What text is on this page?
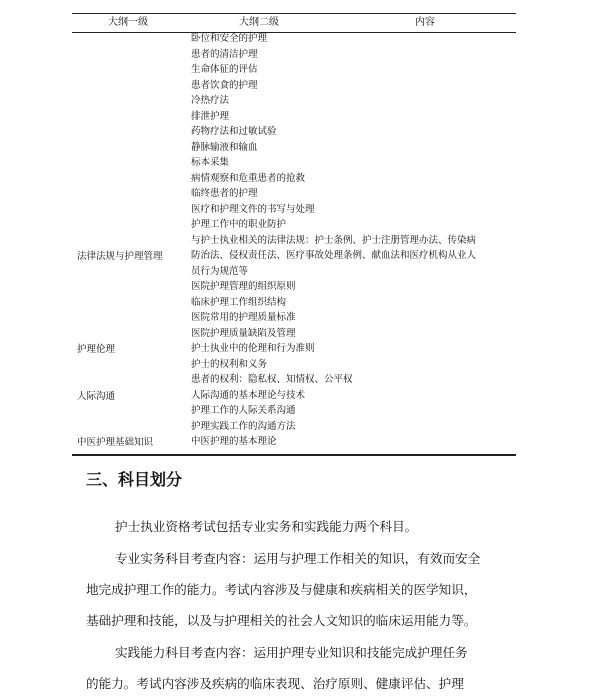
大纲一级	大纲二级	内容
卧位和安全的护理
患者的清洁护理
生命体征的评估
患者饮食的护理
冷热疗法
排泄护理
药物疗法和过敏试验
静脉输液和输血
标本采集
病情观察和危重患者的抢救
临终患者的护理
医疗和护理文件的书写与处理
护理工作中的职业防护
与护士执业相关的法律法规：护士条例、护士注册管理办法、传染病
防治法、侵权责任法、医疗事故处理条例、献血法和医疗机构从业人
员行为规范等
医院护理管理的组织原则
临床护理工作组织结构
医院常用的护理质量标准
医院护理质量缺陷及管理
护士执业中的伦理和行为准则
护士的权利和义务
患者的权利：隐私权、知情权、公平权
人际沟通的基本理论与技术
护理工作的人际关系沟通
护理实践工作的沟通方法
中医护理的基本理论
法律法规与护理管理
护理伦理
人际沟通
中医护理基础知识
三、科目划分
护士执业资格考试包括专业实务和实践能力两个科目。
专业实务科目考查内容：运用与护理工作相关的知识，有效而安全
地完成护理工作的能力。考试内容涉及与健康和疾病相关的医学知识，
基础护理和技能，以及与护理相关的社会人文知识的临床运用能力等。
实践能力科目考查内容：运用护理专业知识和技能完成护理任务
的能力。考试内容涉及疾病的临床表现、治疗原则、健康评估、护理
